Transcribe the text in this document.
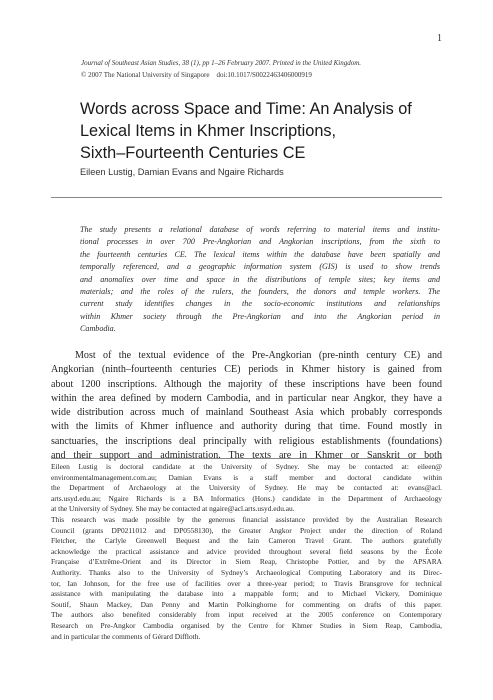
1
Journal of Southeast Asian Studies, 38 (1), pp 1–26 February 2007. Printed in the United Kingdom.
© 2007 The National University of Singapore    doi:10.1017/S0022463406000919
Words across Space and Time: An Analysis of
Lexical Items in Khmer Inscriptions,
Sixth–Fourteenth Centuries CE
Eileen Lustig, Damian Evans and Ngaire Richards
The study presents a relational database of words referring to material items and institu-
tional processes in over 700 Pre-Angkorian and Angkorian inscriptions, from the sixth to
the fourteenth centuries CE. The lexical items within the database have been spatially and
temporally referenced, and a geographic information system (GIS) is used to show trends
and anomalies over time and space in the distributions of temple sites; key items and
materials; and the roles of the rulers, the founders, the donors and temple workers. The
current study identifies changes in the socio-economic institutions and relationships
within Khmer society through the Pre-Angkorian and into the Angkorian period in
Cambodia.
Most of the textual evidence of the Pre-Angkorian (pre-ninth century CE) and
Angkorian (ninth–fourteenth centuries CE) periods in Khmer history is gained from
about 1200 inscriptions. Although the majority of these inscriptions have been found
within the area defined by modern Cambodia, and in particular near Angkor, they have a
wide distribution across much of mainland Southeast Asia which probably corresponds
with the limits of Khmer influence and authority during that time. Found mostly in
sanctuaries, the inscriptions deal principally with religious establishments (foundations)
and their support and administration. The texts are in Khmer or Sanskrit or both
Eileen Lustig is doctoral candidate at the University of Sydney. She may be contacted at: eileen@
environmentalmanagement.com.au; Damian Evans is a staff member and doctoral candidate within
the Department of Archaeology at the University of Sydney. He may be contacted at: evans@acl.
arts.usyd.edu.au; Ngaire Richards is a BA Informatics (Hons.) candidate in the Department of Archaeology
at the University of Sydney. She may be contacted at ngaire@acl.arts.usyd.edu.au.
This research was made possible by the generous financial assistance provided by the Australian Research
Council (grants DP0211012 and DP0558130), the Greater Angkor Project under the direction of Roland
Fletcher, the Carlyle Greenwell Bequest and the Iain Cameron Travel Grant. The authors gratefully
acknowledge the practical assistance and advice provided throughout several field seasons by the École
Française d’Extrême-Orient and its Director in Siem Reap, Christophe Pottier, and by the APSARA
Authority. Thanks also to the University of Sydney’s Archaeological Computing Laboratory and its Direc-
tor, Ian Johnson, for the free use of facilities over a three-year period; to Travis Bransgrove for technical
assistance with manipulating the database into a mappable form; and to Michael Vickery, Dominique
Soutif, Shaun Mackey, Dan Penny and Martin Polkinghorne for commenting on drafts of this paper.
The authors also benefited considerably from input received at the 2005 conference on Contemporary
Research on Pre-Angkor Cambodia organised by the Centre for Khmer Studies in Siem Reap, Cambodia,
and in particular the comments of Gérard Diffloth.
